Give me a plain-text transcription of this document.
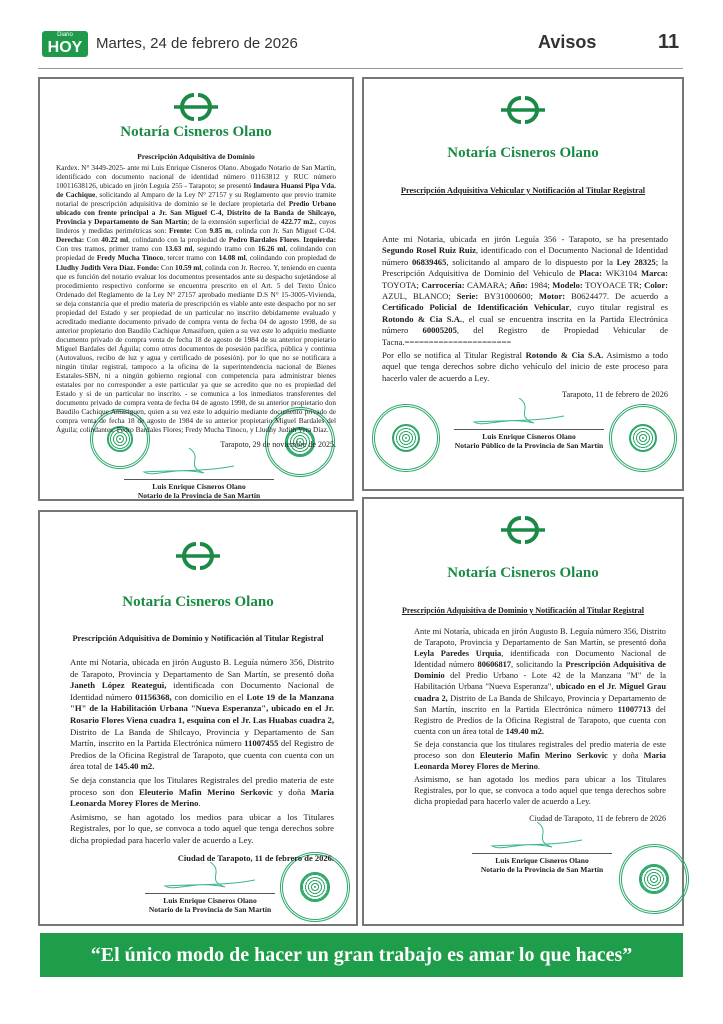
Diario
HOY Martes, 24 de febrero de 2026	Avisos	11
Notaría Cisneros Olano
Prescripción Adquisitiva de Dominio

Kardex. N° 3449-2025- ante mi Luis Enrique Cisneros Olano. Abogado Notario de San Martín, identificado con documento nacional de identidad número 01163812 y RUC número 10011638126, ubicado en jirón Leguía 255 - Tarapoto; se presentó Indaura Huansi Pipa Vda. de Cachique, solicitando al Amparo de la Ley N° 27157 y su Reglamento que previo tramite notarial de prescripción adquisitiva de dominio se le declare propietaria del Predio Urbano ubicado con frente principal a Jr. San Miguel C-4, Distrito de la Banda de Shilcayo, Provincia y Departamento de San Martín; de la extensión superficial de 422.77 m2., cuyos linderos y medidas perimétricas son: Frente: Con 9.85 m, colinda con Jr. San Miguel C-04. Derecha: Con 40.22 ml, colindando con la propiedad de Pedro Bardales Flores. Izquierda: Con tres tramos, primer tramo con 13.63 ml, segundo tramo con 16.26 ml, colindando con propiedad de Fredy Mucha Tinoco, tercer tramo con 14.08 ml, colindando con propiedad de Lludhy Judith Vera Díaz. Fondo: Con 10.59 ml, colinda con Jr. Recreo. Y, teniendo en cuenta que es función del notario evaluar los documentos presentados ante su despacho sujetándose al procedimiento respectivo conforme se encuentra prescrito en el Art. 5 del Texto Único Ordenado del Reglamento de la Ley N° 27157 aprobado mediante D.S N° 15-3005-Vivienda, se deja constancia que el predio materia de prescripción es viable ante este despacho por no ser propiedad del Estado y ser propiedad de un particular no inscrito debidamente evaluado y acreditado mediante documento privado de compra venta de fecha 04 de agosto 1998, de su anterior propietario don Baudilo Cachique Amasifuen, quien a su vez este lo adquirio mediante documento privado de compra venta de fecha 18 de agosto de 1984 de su anterior propietario Miguel Bardales del Águila; como otros documentos de posesión pacífica, pública y continua (Autovaluos, recibo de luz y agua y certificado de posesión). por lo que no se notificara a ningún titular registral, tampoco a la oficina de la superintendencia nacional de Bienes Estatales-SBN, ni a ningún gobierno regional con competencia para administrar bienes estatales por no corresponder a este particular ya que se acredito que no es propiedad del Estado y si de un particular no inscrito. - se comunica a los inmediatos transferentes del documento privado de compra venta de fecha 04 de agosto 1998, de su anterior propietario don Baudilo Cachique Amasiguen, quien a su vez este lo adquirio mediante documento privado de compra venta de fecha 18 de agosto de 1984 de su anterior propietario Miguel Bardales del Águila; colindantes: Pedro Bardales Flores; Fredy Mucha Tinoco, y Lludhy Judith Vera Díaz.

Tarapoto, 29 de noviembre de 2025.
Luis Enrique Cisneros Olano
Notario de la Provincia de San Martín
Notaría Cisneros Olano
Prescripción Adquisitiva Vehicular y Notificación al Titular Registral

Ante mi Notaria, ubicada en jirón Leguía 356 - Tarapoto, se ha presentado Segundo Rosel Ruiz Ruiz, identificado con el Documento Nacional de Identidad número 06839465, solicitando al amparo de lo dispuesto por la Ley 28325; la Prescripción Adquisitiva de Dominio del Vehiculo de Placa: WK3104 Marca: TOYOTA; Carrocería: CAMARA; Año: 1984; Modelo: TOYOACE TR; Color: AZUL, BLANCO; Serie: BY31000600; Motor: B0624477. De acuerdo a Certificado Policial de Identificación Vehicular, cuyo titular registral es Rotondo & Cia S.A., el cual se encuentra inscrita en la Partida Electrónica número 60005205, del Registro de Propiedad Vehicular de Tacna.======================

Por ello se notifica al Titular Registral Rotondo & Cia S.A. Asimismo a todo aquel que tenga derechos sobre dicho vehículo del inicio de este proceso para hacerlo valer de acuerdo a Ley.

Tarapoto, 11 de febrero de 2026
Luis Enrique Cisneros Olano
Notario Público de la Provincia de San Martín
Notaría Cisneros Olano
Prescripción Adquisitiva de Dominio y Notificación al Titular Registral

Ante mi Notaría, ubicada en jirón Augusto B. Leguía número 356, Distrito de Tarapoto, Provincia y Departamento de San Martín, se presentó doña Janeth López Reategui, identificada con Documento Nacional de Identidad número 01156368, con domicilio en el Lote 19 de la Manzana "H" de la Habilitación Urbana "Nueva Esperanza", ubicado en el Jr. Rosario Flores Viena cuadra 1, esquina con el Jr. Las Huabas cuadra 2, Distrito de La Banda de Shilcayo, Provincia y Departamento de San Martín, inscrito en la Partida Electrónica número 11007455 del Registro de Predios de la Oficina Registral de Tarapoto, que cuenta con cuenta con un área total de 145.40 m2.

Se deja constancia que los Titulares Registrales del predio materia de este proceso son don Eleuterio Mafin Merino Serkovic y doña Maria Leonarda Morey Flores de Merino.

Asimismo, se han agotado los medios para ubicar a los Titulares Registrales, por lo que, se convoca a todo aquel que tenga derechos sobre dicha propiedad para hacerlo valer de acuerdo a Ley.

Ciudad de Tarapoto, 11 de febrero de 2026.
Luis Enrique Cisneros Olano
Notario de la Provincia de San Martín
Notaría Cisneros Olano
Prescripción Adquisitiva de Dominio y Notificación al Titular Registral

Ante mi Notaría, ubicada en jirón Augusto B. Leguía número 356, Distrito de Tarapoto, Provincia y Departamento de San Martín, se presentó doña Leyla Paredes Urquia, identificada con Documento Nacional de Identidad número 80606817, solicitando la Prescripción Adquisitiva de Dominio del Predio Urbano - Lote 42 de la Manzana "M" de la Habilitación Urbana "Nueva Esperanza", ubicado en el Jr. Miguel Grau cuadra 2, Distrito de La Banda de Shilcayo, Provincia y Departamento de San Martín, inscrito en la Partida Electrónica número 11007713 del Registro de Predios de la Oficina Registral de Tarapoto, que cuenta con cuenta con un área total de 149.40 m2.

Se deja constancia que los titulares registrales del predio materia de este proceso son don Eleuterio Mafin Merino Serkovic y doña Maria Leonarda Morey Flores de Merino.

Asimismo, se han agotado los medios para ubicar a los Titulares Registrales, por lo que, se convoca a todo aquel que tenga derechos sobre dicha propiedad para hacerlo valer de acuerdo a Ley.

Ciudad de Tarapoto, 11 de febrero de 2026
Luis Enrique Cisneros Olano
Notario de la Provincia de San Martín
“El único modo de hacer un gran trabajo es amar lo que haces”
